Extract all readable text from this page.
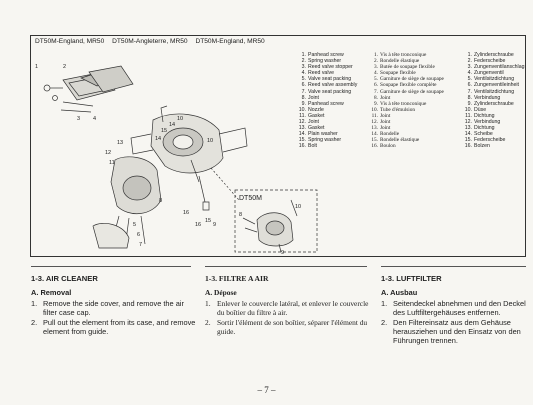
DT50M-England, MR50 DT50M-Angleterre, MR50 DT50M-England, MR50
1	2
3 4
5
6
7
8
9
10
11
12
13
14
15
16
16
15
14
10
9
8
10
DT50M
1. Panhead screw
2. Spring washer
3. Reed valve stopper
4. Reed valve
5. Valve seat packing
6. Reed valve assembly
7. Valve seat packing
8. Joint
9. Panhead screw
10. Nozzle
11. Gasket
12. Joint
13. Gasket
14. Plain washer
15. Spring washer
16. Bolt
1. Vis à tête tronconique
2. Rondelle élastique
3. Butée de soupape flexible
4. Soupape flexible
5. Garniture de siège de soupape
6. Soupape flexible complète
7. Garniture de siège de soupape
8. Joint
9. Vis à tête tronconique
10. Tube d'émulsion
11. Joint
12. Joint
13. Joint
14. Rondelle
15. Rondelle élastique
16. Boulon
1. Zylinderschraube
2. Federscheibe
3. Zungenventilanschlag
4. Zungenventil
5. Ventilsitzdichtung
6. Zungenventileinheit
7. Ventilsitzdichtung
8. Verbindung
9. Zylinderschraube
10. Düse
11. Dichtung
12. Verbindung
13. Dichtung
14. Scheibe
15. Federscheibe
16. Bolzen
1-3. AIR CLEANER
A. Removal
1. Remove the side cover, and remove the air filter case cap.
2. Pull out the element from its case, and remove element from guide.
1-3. FILTRE A AIR
A. Dépose
1. Enlever le couvercle latéral, et enlever le couvercle du boîtier du filtre à air.
2. Sortir l'élément de son boîtier, séparer l'élément du guide.
1-3. LUFTFILTER
A. Ausbau
1. Seitendeckel abnehmen und den Deckel des Luftfiltergehäuses entfernen.
2. Den Filtereinsatz aus dem Gehäuse herausziehen und den Einsatz von den Führungen trennen.
– 7 –
